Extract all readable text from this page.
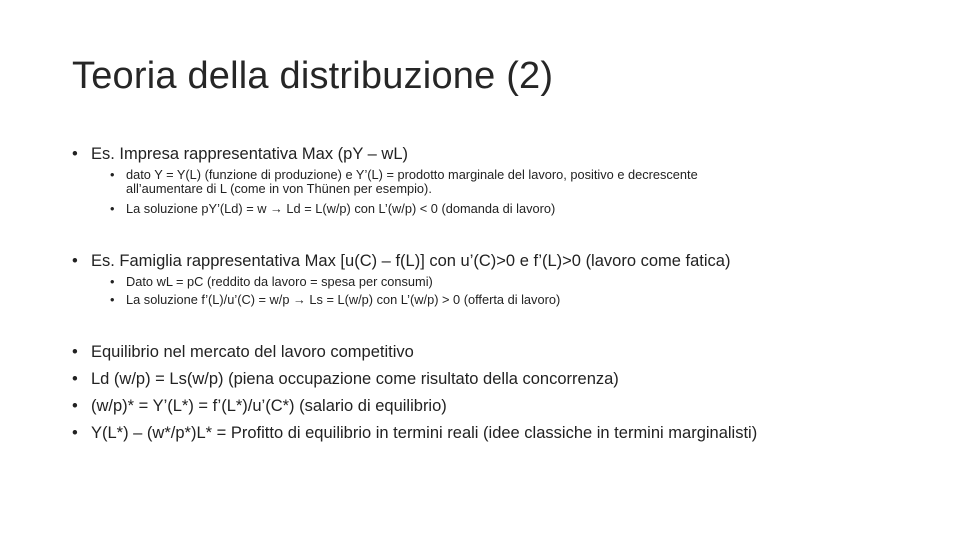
Teoria della distribuzione (2)
• Es. Impresa rappresentativa Max (pY – wL)
• dato Y = Y(L) (funzione di produzione) e Y’(L) = prodotto marginale del lavoro, positivo e decrescente
all’aumentare di L (come in von Thünen per esempio).
• La soluzione pY’(Ld) = w → Ld = L(w/p) con L’(w/p) < 0 (domanda di lavoro)
• Es. Famiglia rappresentativa Max [u(C) – f(L)] con u’(C)>0 e f’(L)>0 (lavoro come fatica)
• Dato wL = pC (reddito da lavoro = spesa per consumi)
• La soluzione f’(L)/u’(C) = w/p → Ls = L(w/p) con L’(w/p) > 0 (offerta di lavoro)
• Equilibrio nel mercato del lavoro competitivo
• Ld (w/p) = Ls(w/p) (piena occupazione come risultato della concorrenza)
• (w/p)* = Y’(L*) = f’(L*)/u’(C*) (salario di equilibrio)
• Y(L*) – (w*/p*)L* = Profitto di equilibrio in termini reali (idee classiche in termini marginalisti)
